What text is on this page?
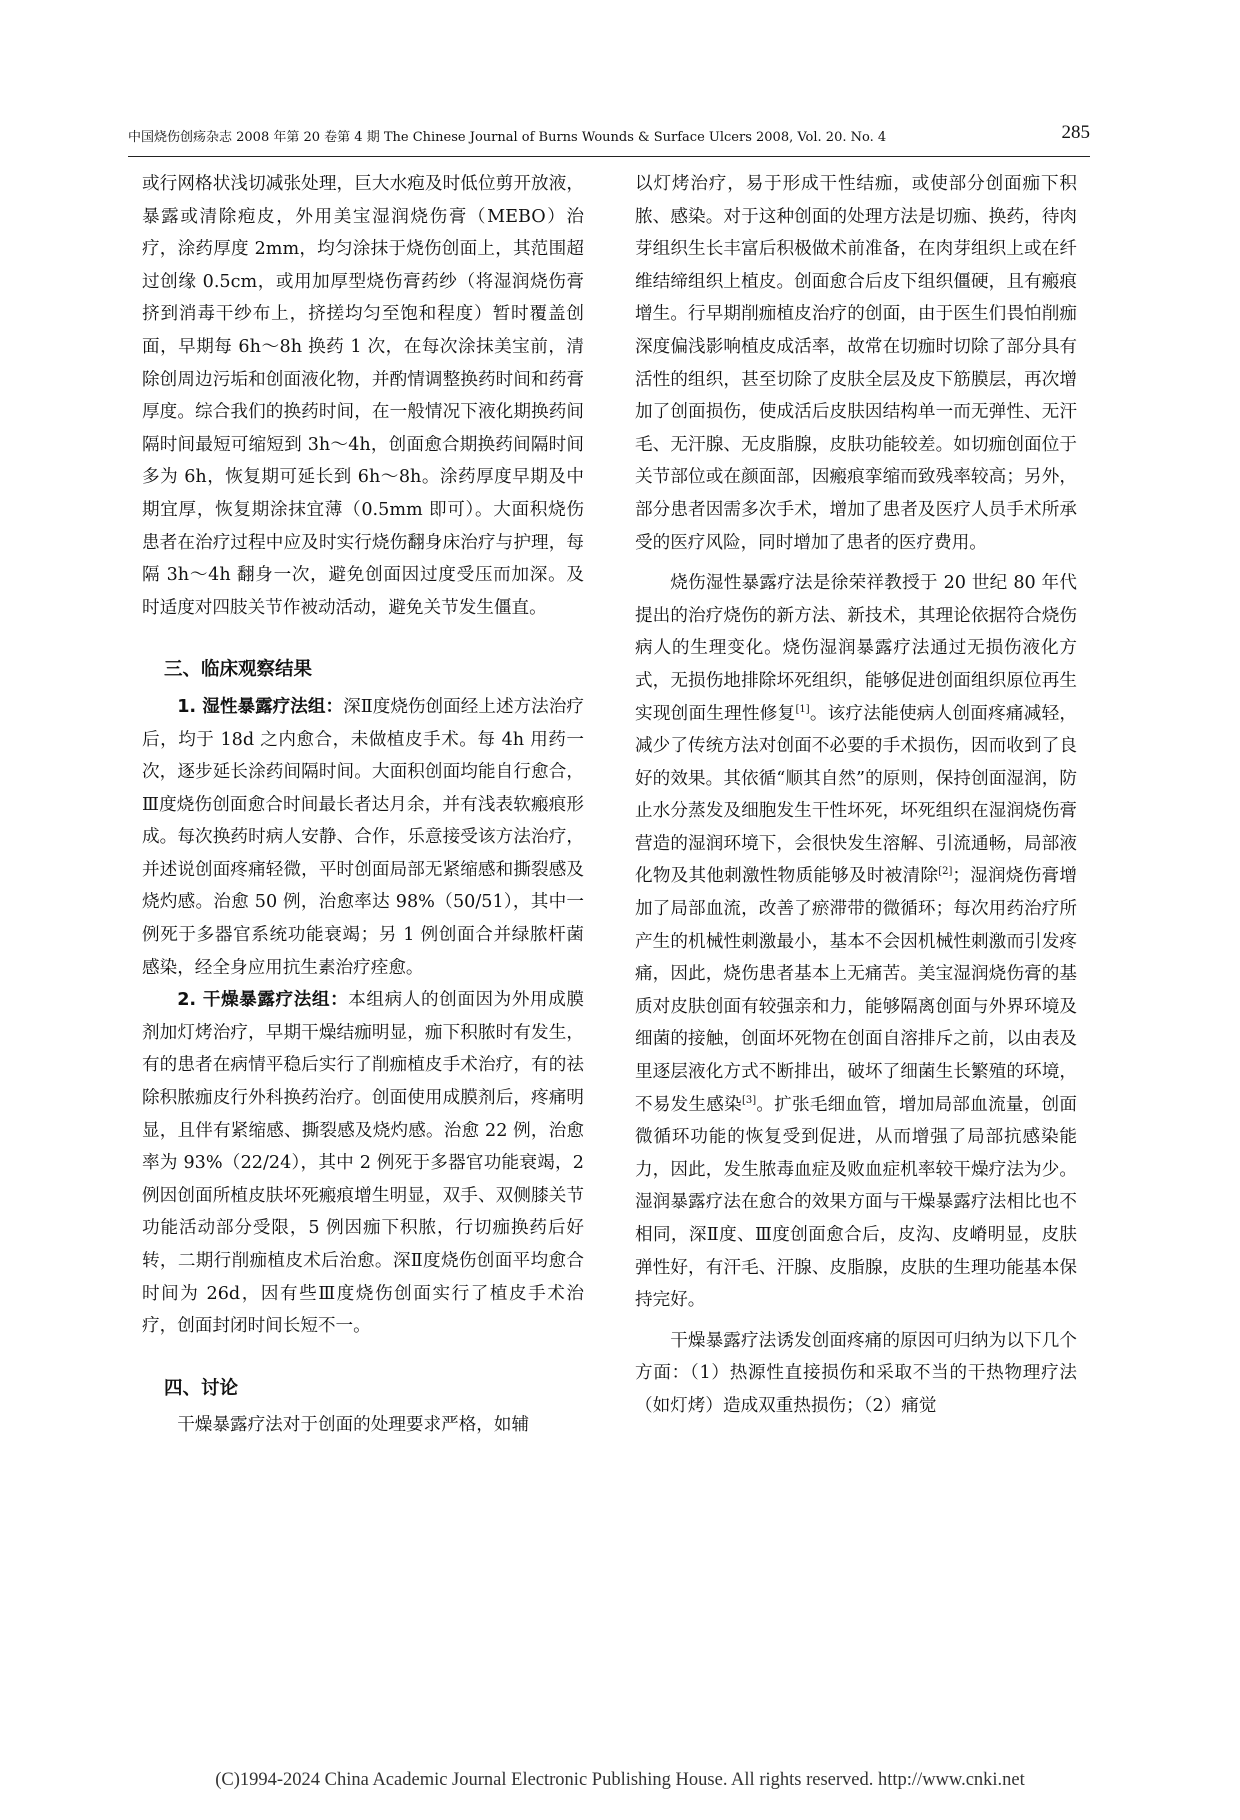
中国烧伤创疡杂志 2008 年第 20 卷第 4 期 The Chinese Journal of Burns Wounds & Surface Ulcers 2008, Vol. 20. No. 4	285

或行网格状浅切减张处理，巨大水疱及时低位剪开放液，暴露或清除疱皮，外用美宝湿润烧伤膏（MEBO）治疗，涂药厚度 2mm，均匀涂抹于烧伤创面上，其范围超过创缘 0.5cm，或用加厚型烧伤膏药纱（将湿润烧伤膏挤到消毒干纱布上，挤搓均匀至饱和程度）暂时覆盖创面，早期每 6h～8h 换药 1 次，在每次涂抹美宝前，清除创周边污垢和创面液化物，并酌情调整换药时间和药膏厚度。综合我们的换药时间，在一般情况下液化期换药间隔时间最短可缩短到 3h～4h，创面愈合期换药间隔时间多为 6h，恢复期可延长到 6h～8h。涂药厚度早期及中期宜厚，恢复期涂抹宜薄（0.5mm 即可）。大面积烧伤患者在治疗过程中应及时实行烧伤翻身床治疗与护理，每隔 3h～4h 翻身一次，避免创面因过度受压而加深。及时适度对四肢关节作被动活动，避免关节发生僵直。

三、临床观察结果

1. 湿性暴露疗法组：深Ⅱ度烧伤创面经上述方法治疗后，均于 18d 之内愈合，未做植皮手术。每 4h 用药一次，逐步延长涂药间隔时间。大面积创面均能自行愈合，Ⅲ度烧伤创面愈合时间最长者达月余，并有浅表软瘢痕形成。每次换药时病人安静、合作，乐意接受该方法治疗，并述说创面疼痛轻微，平时创面局部无紧缩感和撕裂感及烧灼感。治愈 50 例，治愈率达 98%（50/51），其中一例死于多器官系统功能衰竭；另 1 例创面合并绿脓杆菌感染，经全身应用抗生素治疗痊愈。

2. 干燥暴露疗法组：本组病人的创面因为外用成膜剂加灯烤治疗，早期干燥结痂明显，痂下积脓时有发生，有的患者在病情平稳后实行了削痂植皮手术治疗，有的祛除积脓痂皮行外科换药治疗。创面使用成膜剂后，疼痛明显，且伴有紧缩感、撕裂感及烧灼感。治愈 22 例，治愈率为 93%（22/24），其中 2 例死于多器官功能衰竭，2 例因创面所植皮肤坏死瘢痕增生明显，双手、双侧膝关节功能活动部分受限，5 例因痂下积脓，行切痂换药后好转，二期行削痂植皮术后治愈。深Ⅱ度烧伤创面平均愈合时间为 26d，因有些Ⅲ度烧伤创面实行了植皮手术治疗，创面封闭时间长短不一。

四、讨论

干燥暴露疗法对于创面的处理要求严格，如辅

以灯烤治疗，易于形成干性结痂，或使部分创面痂下积脓、感染。对于这种创面的处理方法是切痂、换药，待肉芽组织生长丰富后积极做术前准备，在肉芽组织上或在纤维结缔组织上植皮。创面愈合后皮下组织僵硬，且有瘢痕增生。行早期削痂植皮治疗的创面，由于医生们畏怕削痂深度偏浅影响植皮成活率，故常在切痂时切除了部分具有活性的组织，甚至切除了皮肤全层及皮下筋膜层，再次增加了创面损伤，使成活后皮肤因结构单一而无弹性、无汗毛、无汗腺、无皮脂腺，皮肤功能较差。如切痂创面位于关节部位或在颜面部，因瘢痕挛缩而致残率较高；另外，部分患者因需多次手术，增加了患者及医疗人员手术所承受的医疗风险，同时增加了患者的医疗费用。

烧伤湿性暴露疗法是徐荣祥教授于 20 世纪 80 年代提出的治疗烧伤的新方法、新技术，其理论依据符合烧伤病人的生理变化。烧伤湿润暴露疗法通过无损伤液化方式，无损伤地排除坏死组织，能够促进创面组织原位再生实现创面生理性修复[1]。该疗法能使病人创面疼痛减轻，减少了传统方法对创面不必要的手术损伤，因而收到了良好的效果。其依循“顺其自然”的原则，保持创面湿润，防止水分蒸发及细胞发生干性坏死，坏死组织在湿润烧伤膏营造的湿润环境下，会很快发生溶解、引流通畅，局部液化物及其他刺激性物质能够及时被清除[2]；湿润烧伤膏增加了局部血流，改善了瘀滞带的微循环；每次用药治疗所产生的机械性刺激最小，基本不会因机械性刺激而引发疼痛，因此，烧伤患者基本上无痛苦。美宝湿润烧伤膏的基质对皮肤创面有较强亲和力，能够隔离创面与外界环境及细菌的接触，创面坏死物在创面自溶排斥之前，以由表及里逐层液化方式不断排出，破坏了细菌生长繁殖的环境，不易发生感染[3]。扩张毛细血管，增加局部血流量，创面微循环功能的恢复受到促进，从而增强了局部抗感染能力，因此，发生脓毒血症及败血症机率较干燥疗法为少。湿润暴露疗法在愈合的效果方面与干燥暴露疗法相比也不相同，深Ⅱ度、Ⅲ度创面愈合后，皮沟、皮嵴明显，皮肤弹性好，有汗毛、汗腺、皮脂腺，皮肤的生理功能基本保持完好。

干燥暴露疗法诱发创面疼痛的原因可归纳为以下几个方面：（1）热源性直接损伤和采取不当的干热物理疗法（如灯烤）造成双重热损伤；（2）痛觉

(C)1994-2024 China Academic Journal Electronic Publishing House. All rights reserved. http://www.cnki.net
